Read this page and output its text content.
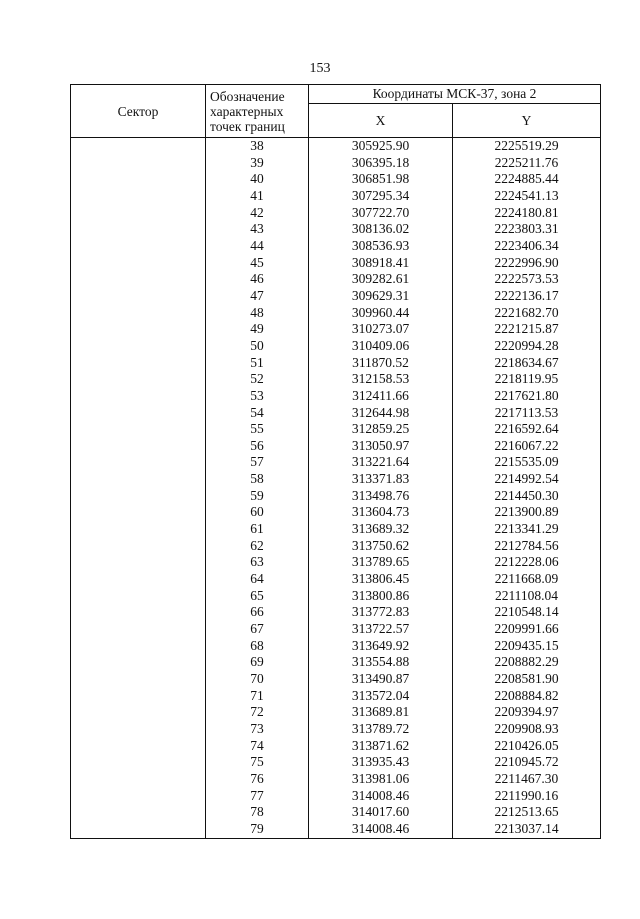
153
Сектор	Обозначение характерных точек границ	Координаты МСК-37, зона 2	
		X	Y
	38	305925.90	2225519.29
	39	306395.18	2225211.76
	40	306851.98	2224885.44
	41	307295.34	2224541.13
	42	307722.70	2224180.81
	43	308136.02	2223803.31
	44	308536.93	2223406.34
	45	308918.41	2222996.90
	46	309282.61	2222573.53
	47	309629.31	2222136.17
	48	309960.44	2221682.70
	49	310273.07	2221215.87
	50	310409.06	2220994.28
	51	311870.52	2218634.67
	52	312158.53	2218119.95
	53	312411.66	2217621.80
	54	312644.98	2217113.53
	55	312859.25	2216592.64
	56	313050.97	2216067.22
	57	313221.64	2215535.09
	58	313371.83	2214992.54
	59	313498.76	2214450.30
	60	313604.73	2213900.89
	61	313689.32	2213341.29
	62	313750.62	2212784.56
	63	313789.65	2212228.06
	64	313806.45	2211668.09
	65	313800.86	2211108.04
	66	313772.83	2210548.14
	67	313722.57	2209991.66
	68	313649.92	2209435.15
	69	313554.88	2208882.29
	70	313490.87	2208581.90
	71	313572.04	2208884.82
	72	313689.81	2209394.97
	73	313789.72	2209908.93
	74	313871.62	2210426.05
	75	313935.43	2210945.72
	76	313981.06	2211467.30
	77	314008.46	2211990.16
	78	314017.60	2212513.65
	79	314008.46	2213037.14
